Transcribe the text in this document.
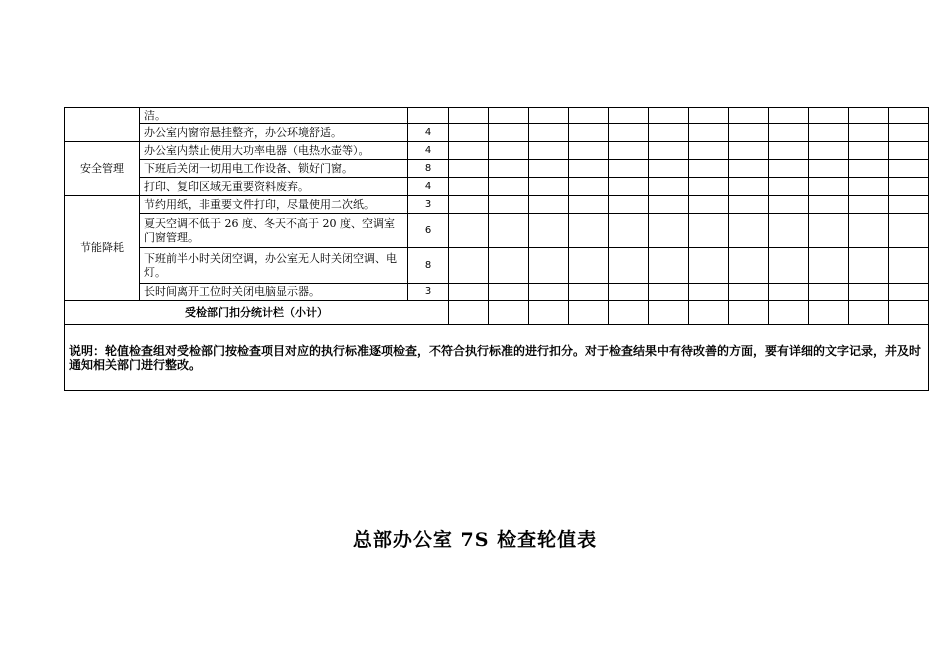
	洁。													
	办公室内窗帘悬挂整齐，办公环境舒适。	4												
安全管理	办公室内禁止使用大功率电器（电热水壶等）。	4												
	下班后关闭一切用电工作设备、锁好门窗。	8												
	打印、复印区域无重要资料废弃。	4												
节能降耗	节约用纸，非重要文件打印，尽量使用二次纸。	3												
	夏天空调不低于 26 度、冬天不高于 20 度、空调室门窗管理。	6												
	下班前半小时关闭空调，办公室无人时关闭空调、电灯。	8												
	长时间离开工位时关闭电脑显示器。	3												
受检部门扣分统计栏（小计）														
说明：轮值检查组对受检部门按检查项目对应的执行标准逐项检查，不符合执行标准的进行扣分。对于检查结果中有待改善的方面，要有详细的文字记录，并及时通知相关部门进行整改。														
总部办公室 7S 检查轮值表
